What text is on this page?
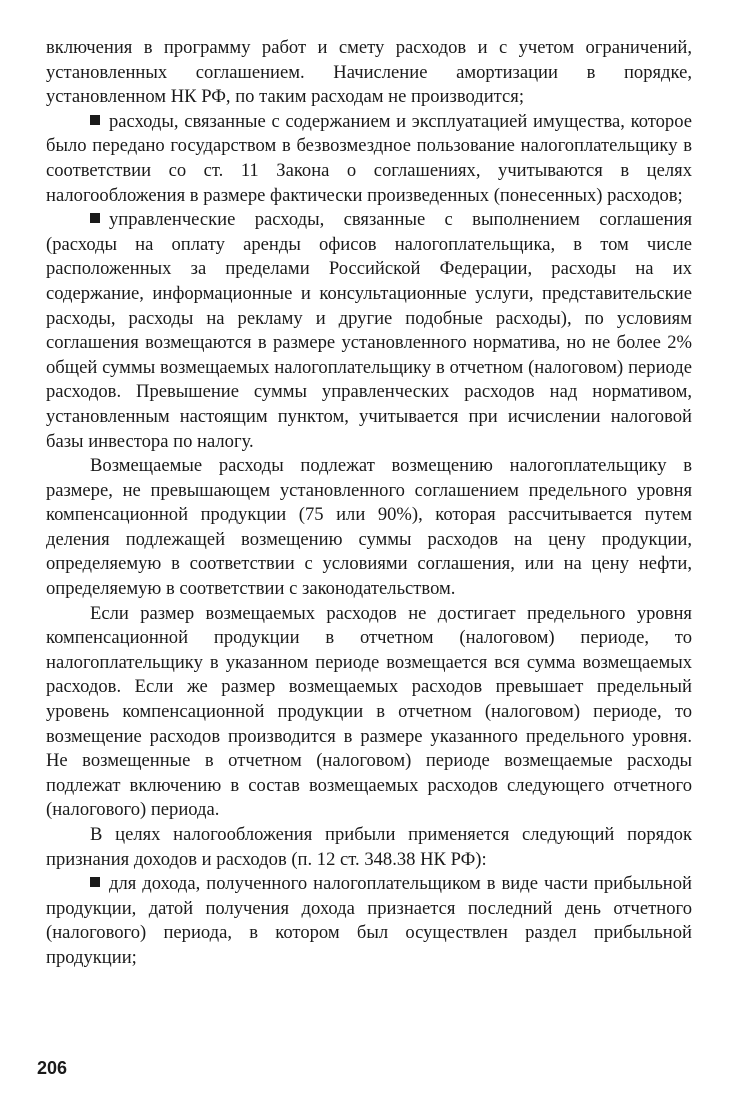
включения в программу работ и смету расходов и с учетом ограничений, установленных соглашением. Начисление амортизации в порядке, установленном НК РФ, по таким расходам не производится;

расходы, связанные с содержанием и эксплуатацией имущества, которое было передано государством в безвозмездное пользование налогоплательщику в соответствии со ст. 11 Закона о соглашениях, учитываются в целях налогообложения в размере фактически произведенных (понесенных) расходов;

управленческие расходы, связанные с выполнением соглашения (расходы на оплату аренды офисов налогоплательщика, в том числе расположенных за пределами Российской Федерации, расходы на их содержание, информационные и консультационные услуги, представительские расходы, расходы на рекламу и другие подобные расходы), по условиям соглашения возмещаются в размере установленного норматива, но не более 2% общей суммы возмещаемых налогоплательщику в отчетном (налоговом) периоде расходов. Превышение суммы управленческих расходов над нормативом, установленным настоящим пунктом, учитывается при исчислении налоговой базы инвестора по налогу.

Возмещаемые расходы подлежат возмещению налогоплательщику в размере, не превышающем установленного соглашением предельного уровня компенсационной продукции (75 или 90%), которая рассчитывается путем деления подлежащей возмещению суммы расходов на цену продукции, определяемую в соответствии с условиями соглашения, или на цену нефти, определяемую в соответствии с законодательством.

Если размер возмещаемых расходов не достигает предельного уровня компенсационной продукции в отчетном (налоговом) периоде, то налогоплательщику в указанном периоде возмещается вся сумма возмещаемых расходов. Если же размер возмещаемых расходов превышает предельный уровень компенсационной продукции в отчетном (налоговом) периоде, то возмещение расходов производится в размере указанного предельного уровня. Не возмещенные в отчетном (налоговом) периоде возмещаемые расходы подлежат включению в состав возмещаемых расходов следующего отчетного (налогового) периода.

В целях налогообложения прибыли применяется следующий порядок признания доходов и расходов (п. 12 ст. 348.38 НК РФ):

для дохода, полученного налогоплательщиком в виде части прибыльной продукции, датой получения дохода признается последний день отчетного (налогового) периода, в котором был осуществлен раздел прибыльной продукции;

206
